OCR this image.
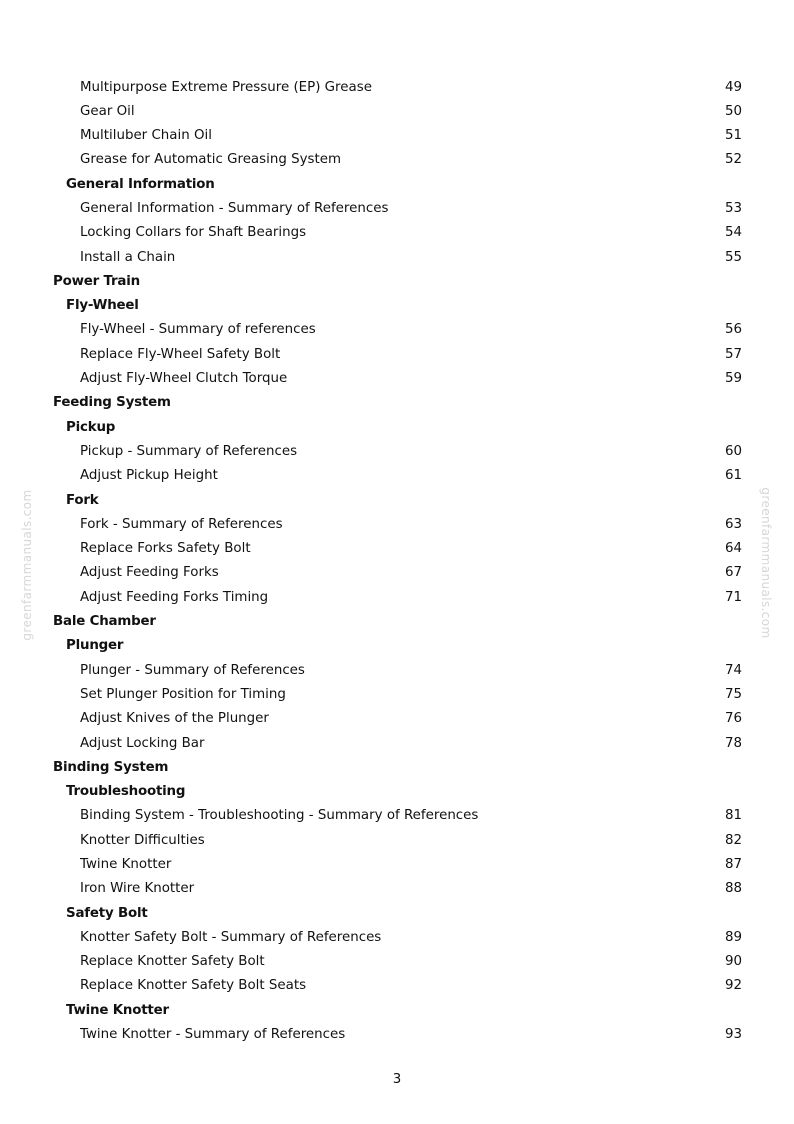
greenfarmmanuals.com	greenfarmmanuals.com
Multipurpose Extreme Pressure (EP) Grease	49
Gear Oil	50
Multiluber Chain Oil	51
Grease for Automatic Greasing System	52
General Information
General Information - Summary of References	53
Locking Collars for Shaft Bearings	54
Install a Chain	55
Power Train
Fly-Wheel
Fly-Wheel - Summary of references	56
Replace Fly-Wheel Safety Bolt	57
Adjust Fly-Wheel Clutch Torque	59
Feeding System
Pickup
Pickup - Summary of References	60
Adjust Pickup Height	61
Fork
Fork - Summary of References	63
Replace Forks Safety Bolt	64
Adjust Feeding Forks	67
Adjust Feeding Forks Timing	71
Bale Chamber
Plunger
Plunger - Summary of References	74
Set Plunger Position for Timing	75
Adjust Knives of the Plunger	76
Adjust Locking Bar	78
Binding System
Troubleshooting
Binding System - Troubleshooting - Summary of References	81
Knotter Difficulties	82
Twine Knotter	87
Iron Wire Knotter	88
Safety Bolt
Knotter Safety Bolt - Summary of References	89
Replace Knotter Safety Bolt	90
Replace Knotter Safety Bolt Seats	92
Twine Knotter
Twine Knotter - Summary of References	93
3
